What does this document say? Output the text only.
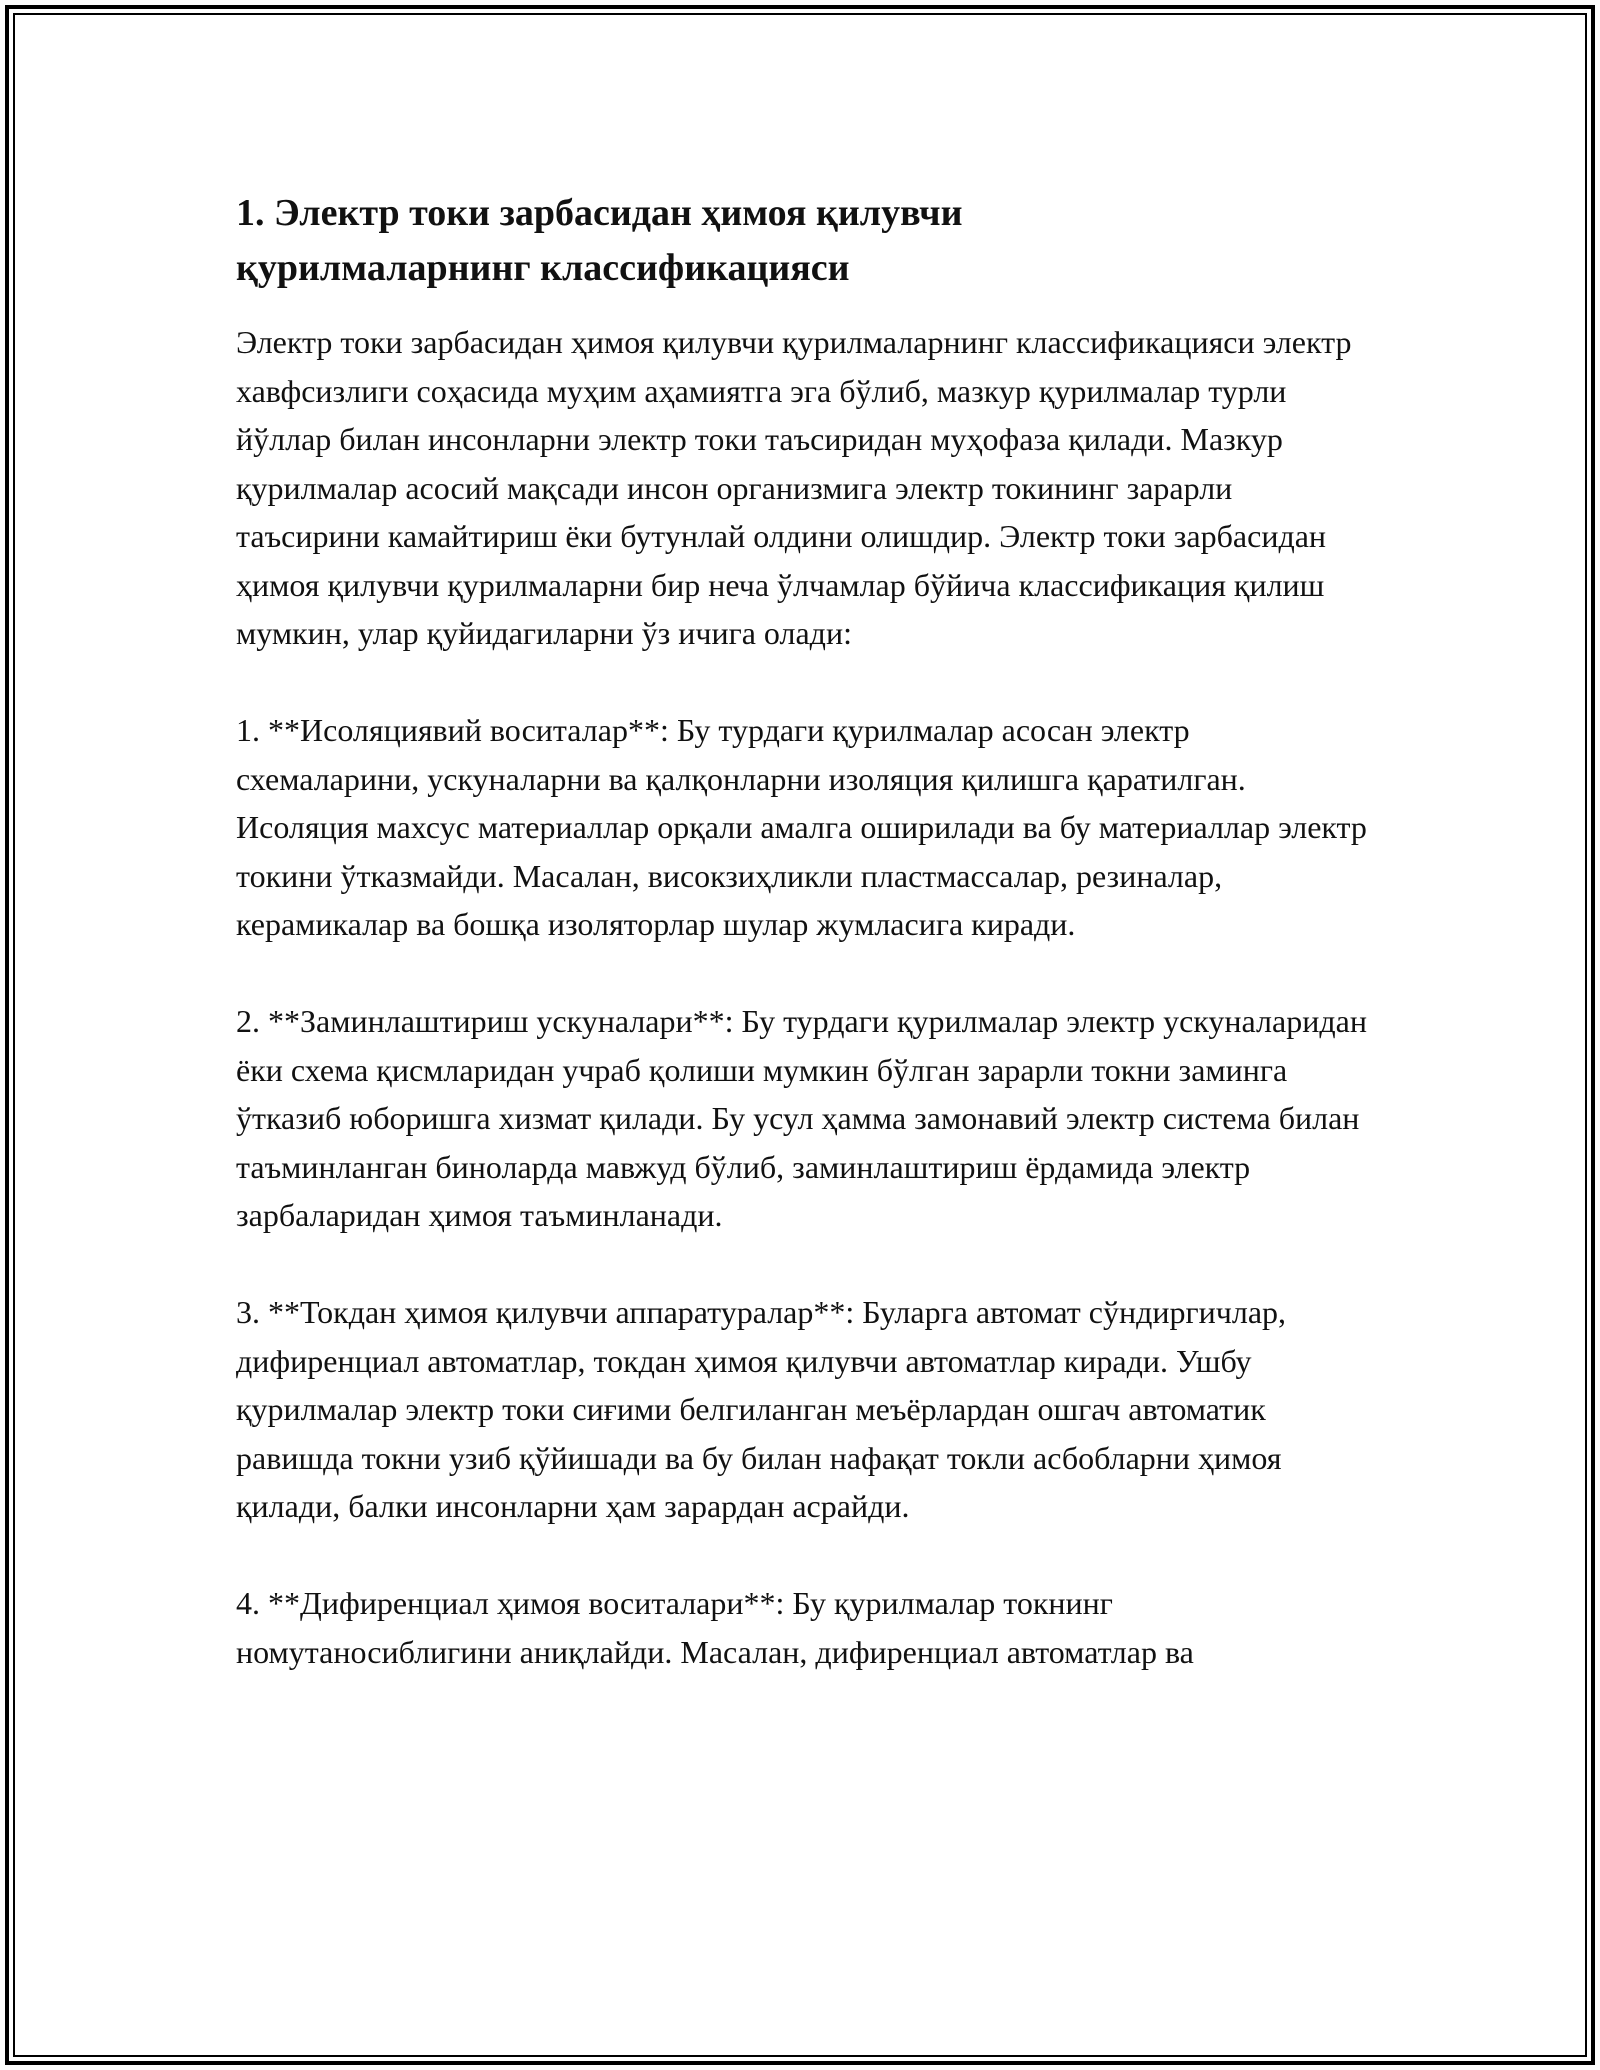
1. Электр токи зарбасидан ҳимоя қилувчи қурилмаларнинг классификацияси

Электр токи зарбасидан ҳимоя қилувчи қурилмаларнинг классификацияси электр хавфсизлиги соҳасида муҳим аҳамиятга эга бўлиб, мазкур қурилмалар турли йўллар билан инсонларни электр токи таъсиридан муҳофаза қилади. Мазкур қурилмалар асосий мақсади инсон организмига электр токининг зарарли таъсирини камайтириш ёки бутунлай олдини олишдир. Электр токи зарбасидан ҳимоя қилувчи қурилмаларни бир неча ўлчамлар бўйича классификация қилиш мумкин, улар қуйидагиларни ўз ичига олади:

1. **Исоляциявий воситалар**: Бу турдаги қурилмалар асосан электр схемаларини, ускуналарни ва қалқонларни изоляция қилишга қаратилган. Исоляция махсус материаллар орқали амалга оширилади ва бу материаллар электр токини ўтказмайди. Масалан, високзиҳликли пластмассалар, резиналар, керамикалар ва бошқа изоляторлар шулар жумласига киради.

2. **Заминлаштириш ускуналари**: Бу турдаги қурилмалар электр ускуналаридан ёки схема қисмларидан учраб қолиши мумкин бўлган зарарли токни заминга ўтказиб юборишга хизмат қилади. Бу усул ҳамма замонавий электр система билан таъминланган биноларда мавжуд бўлиб, заминлаштириш ёрдамида электр зарбаларидан ҳимоя таъминланади.

3. **Токдан ҳимоя қилувчи аппаратуралар**: Буларга автомат сўндиргичлар, дифиренциал автоматлар, токдан ҳимоя қилувчи автоматлар киради. Ушбу қурилмалар электр токи сиғими белгиланган меъёрлардан ошгач автоматик равишда токни узиб қўйишади ва бу билан нафақат токли асбобларни ҳимоя қилади, балки инсонларни ҳам зарардан асрайди.

4. **Дифиренциал ҳимоя воситалари**: Бу қурилмалар токнинг номутаносиблигини аниқлайди. Масалан, дифиренциал автоматлар ва
